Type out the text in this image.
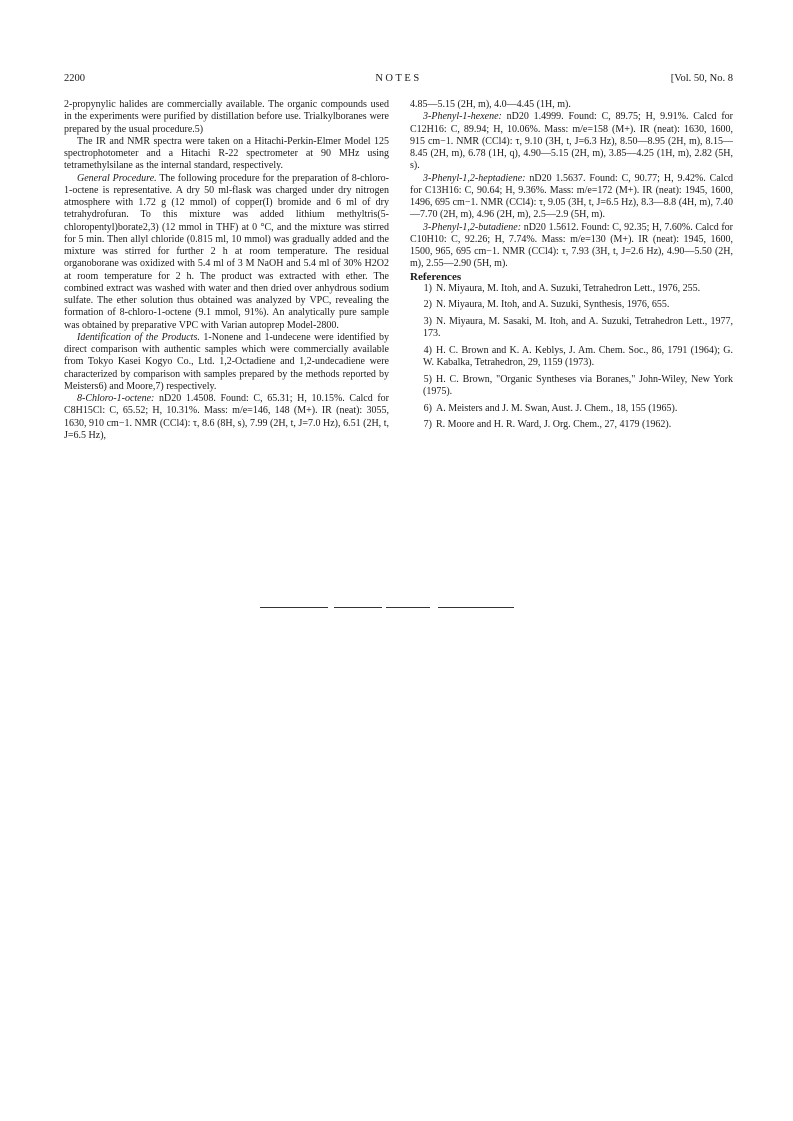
2200	NOTES	[Vol. 50, No. 8

2-propynylic halides are commercially available. The organic compounds used in the experiments were purified by distillation before use. Trialkylboranes were prepared by the usual procedure.5)

The IR and NMR spectra were taken on a Hitachi-Perkin-Elmer Model 125 spectrophotometer and a Hitachi R-22 spectrometer at 90 MHz using tetramethylsilane as the internal standard, respectively.

General Procedure. The following procedure for the preparation of 8-chloro-1-octene is representative. A dry 50 ml-flask was charged under dry nitrogen atmosphere with 1.72 g (12 mmol) of copper(I) bromide and 6 ml of dry tetrahydrofuran. To this mixture was added lithium methyltris(5-chloropentyl)borate2,3) (12 mmol in THF) at 0 °C, and the mixture was stirred for 5 min. Then allyl chloride (0.815 ml, 10 mmol) was gradually added and the mixture was stirred for further 2 h at room temperature. The residual organoborane was oxidized with 5.4 ml of 3 M NaOH and 5.4 ml of 30% H2O2 at room temperature for 2 h. The product was extracted with ether. The combined extract was washed with water and then dried over anhydrous sodium sulfate. The ether solution thus obtained was analyzed by VPC, revealing the formation of 8-chloro-1-octene (9.1 mmol, 91%). An analytically pure sample was obtained by preparative VPC with Varian autoprep Model-2800.

Identification of the Products. 1-Nonene and 1-undecene were identified by direct comparison with authentic samples which were commercially available from Tokyo Kasei Kogyo Co., Ltd. 1,2-Octadiene and 1,2-undecadiene were characterized by comparison with samples prepared by the methods reported by Meisters6) and Moore,7) respectively.

8-Chloro-1-octene: nD20 1.4508. Found: C, 65.31; H, 10.15%. Calcd for C8H15Cl: C, 65.52; H, 10.31%. Mass: m/e=146, 148 (M+). IR (neat): 3055, 1630, 910 cm−1. NMR (CCl4): τ, 8.6 (8H, s), 7.99 (2H, t, J=7.0 Hz), 6.51 (2H, t, J=6.5 Hz),

4.85—5.15 (2H, m), 4.0—4.45 (1H, m).

3-Phenyl-1-hexene: nD20 1.4999. Found: C, 89.75; H, 9.91%. Calcd for C12H16: C, 89.94; H, 10.06%. Mass: m/e=158 (M+). IR (neat): 1630, 1600, 915 cm−1. NMR (CCl4): τ, 9.10 (3H, t, J=6.3 Hz), 8.50—8.95 (2H, m), 8.15—8.45 (2H, m), 6.78 (1H, q), 4.90—5.15 (2H, m), 3.85—4.25 (1H, m), 2.82 (5H, s).

3-Phenyl-1,2-heptadiene: nD20 1.5637. Found: C, 90.77; H, 9.42%. Calcd for C13H16: C, 90.64; H, 9.36%. Mass: m/e=172 (M+). IR (neat): 1945, 1600, 1496, 695 cm−1. NMR (CCl4): τ, 9.05 (3H, t, J=6.5 Hz), 8.3—8.8 (4H, m), 7.40—7.70 (2H, m), 4.96 (2H, m), 2.5—2.9 (5H, m).

3-Phenyl-1,2-butadiene: nD20 1.5612. Found: C, 92.35; H, 7.60%. Calcd for C10H10: C, 92.26; H, 7.74%. Mass: m/e=130 (M+). IR (neat): 1945, 1600, 1500, 965, 695 cm−1. NMR (CCl4): τ, 7.93 (3H, t, J=2.6 Hz), 4.90—5.50 (2H, m), 2.55—2.90 (5H, m).

References

1) N. Miyaura, M. Itoh, and A. Suzuki, Tetrahedron Lett., 1976, 255.
2) N. Miyaura, M. Itoh, and A. Suzuki, Synthesis, 1976, 655.
3) N. Miyaura, M. Sasaki, M. Itoh, and A. Suzuki, Tetrahedron Lett., 1977, 173.
4) H. C. Brown and K. A. Keblys, J. Am. Chem. Soc., 86, 1791 (1964); G. W. Kabalka, Tetrahedron, 29, 1159 (1973).
5) H. C. Brown, "Organic Syntheses via Boranes," John-Wiley, New York (1975).
6) A. Meisters and J. M. Swan, Aust. J. Chem., 18, 155 (1965).
7) R. Moore and H. R. Ward, J. Org. Chem., 27, 4179 (1962).
